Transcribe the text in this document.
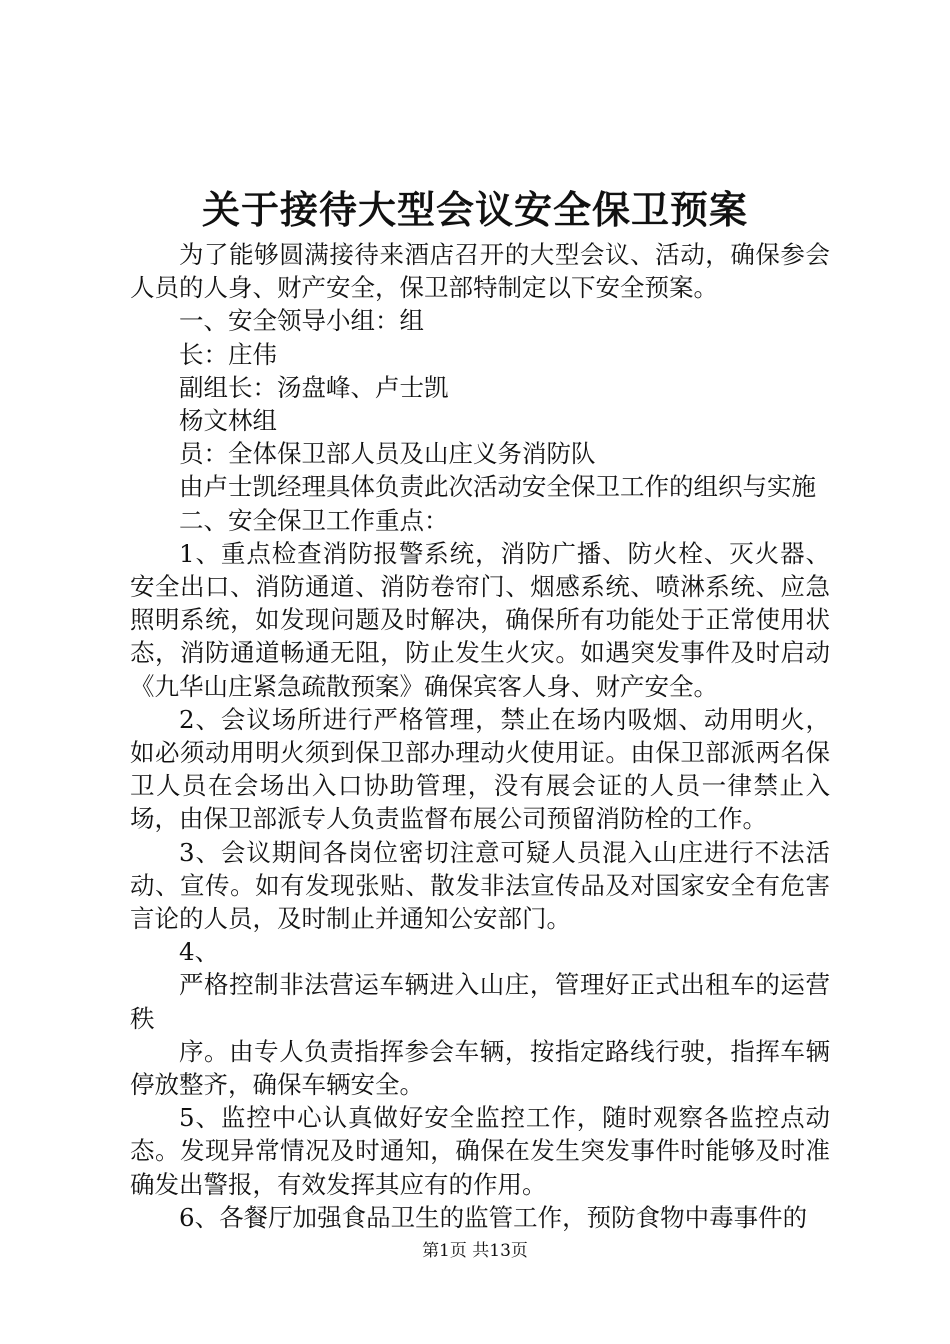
关于接待大型会议安全保卫预案

为了能够圆满接待来酒店召开的大型会议、活动，确保参会人员的人身、财产安全，保卫部特制定以下安全预案。

一、安全领导小组：组

长：庄伟

副组长：汤盘峰、卢士凯

杨文林组

员：全体保卫部人员及山庄义务消防队

由卢士凯经理具体负责此次活动安全保卫工作的组织与实施

二、安全保卫工作重点：

1、重点检查消防报警系统，消防广播、防火栓、灭火器、安全出口、消防通道、消防卷帘门、烟感系统、喷淋系统、应急照明系统，如发现问题及时解决，确保所有功能处于正常使用状态，消防通道畅通无阻，防止发生火灾。如遇突发事件及时启动《九华山庄紧急疏散预案》确保宾客人身、财产安全。

2、会议场所进行严格管理，禁止在场内吸烟、动用明火，如必须动用明火须到保卫部办理动火使用证。由保卫部派两名保卫人员在会场出入口协助管理，没有展会证的人员一律禁止入场，由保卫部派专人负责监督布展公司预留消防栓的工作。

3、会议期间各岗位密切注意可疑人员混入山庄进行不法活动、宣传。如有发现张贴、散发非法宣传品及对国家安全有危害言论的人员，及时制止并通知公安部门。

4、

严格控制非法营运车辆进入山庄，管理好正式出租车的运营秩

序。由专人负责指挥参会车辆，按指定路线行驶，指挥车辆停放整齐，确保车辆安全。

5、监控中心认真做好安全监控工作，随时观察各监控点动态。发现异常情况及时通知，确保在发生突发事件时能够及时准确发出警报，有效发挥其应有的作用。

6、各餐厅加强食品卫生的监管工作，预防食物中毒事件的

第1页 共13页
